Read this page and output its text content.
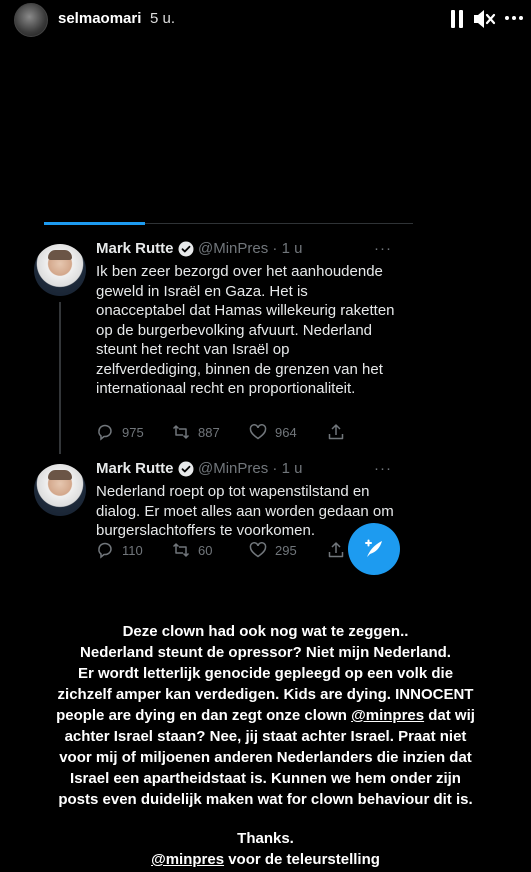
selmaomari 5 u.
Mark Rutte @MinPres · 1 u	···
Ik ben zeer bezorgd over het aanhoudende geweld in Israël en Gaza. Het is onacceptabel dat Hamas willekeurig raketten op de burgerbevolking afvuurt. Nederland steunt het recht van Israël op zelfverdediging, binnen de grenzen van het internationaal recht en proportionaliteit.
975	887	964
Mark Rutte @MinPres · 1 u	···
Nederland roept op tot wapenstilstand en dialog. Er moet alles aan worden gedaan om burgerslachtoffers te voorkomen.
110	60	295

Deze clown had ook nog wat te zeggen..

Nederland steunt de opressor? Niet mijn Nederland.

Er wordt letterlijk genocide gepleegd op een volk die

zichzelf amper kan verdedigen. Kids are dying. INNOCENT

people are dying en dan zegt onze clown @minpres dat wij

achter Israel staan? Nee, jij staat achter Israel. Praat niet

voor mij of miljoenen anderen Nederlanders die inzien dat

Israel een apartheidstaat is. Kunnen we hem onder zijn

posts even duidelijk maken wat for clown behaviour dit is.

Thanks.

@minpres voor de teleurstelling
